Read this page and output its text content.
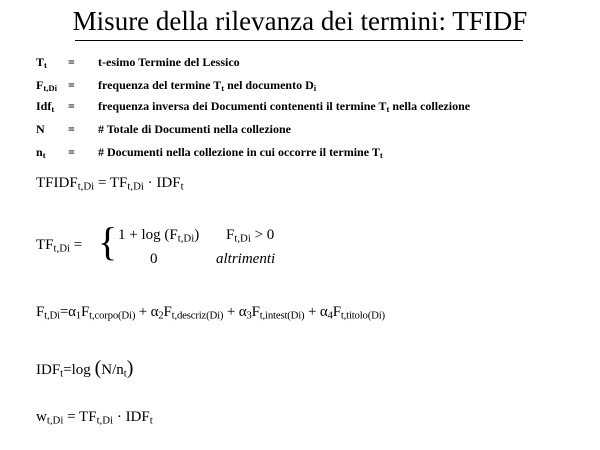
Misure della rilevanza dei termini: TFIDF
$T_t$ = t-esimo Termine del Lessico
$F_{t,Di}$ = frequenza del termine $T_t$ nel documento $D_i$
Idf$_t$ = frequenza inversa dei Documenti contenenti il termine $T_t$ nella collezione
N = # Totale di Documenti nella collezione
$n_t$ = # Documenti nella collezione in cui occorre il termine $T_t$
$TFIDF_{t,Di} = TF_{t,Di} \cdot IDF_t$
$TF_{t,Di}$ = { $1 + \log (F_{t,Di}) F_{t,Di} > 0$
0	altrimenti
$F_{t,Di}=\alpha_1F_{t,corpo(Di)} + \alpha_2F_{t,descriz(Di)} + \alpha_3F_{t,intest(Di)} + \alpha_4F_{t,titolo(Di)}$
$IDF_t=\log$ $(N/n_t)$
$w_{t,Di} = TF_{t,Di} \cdot IDF_t$
